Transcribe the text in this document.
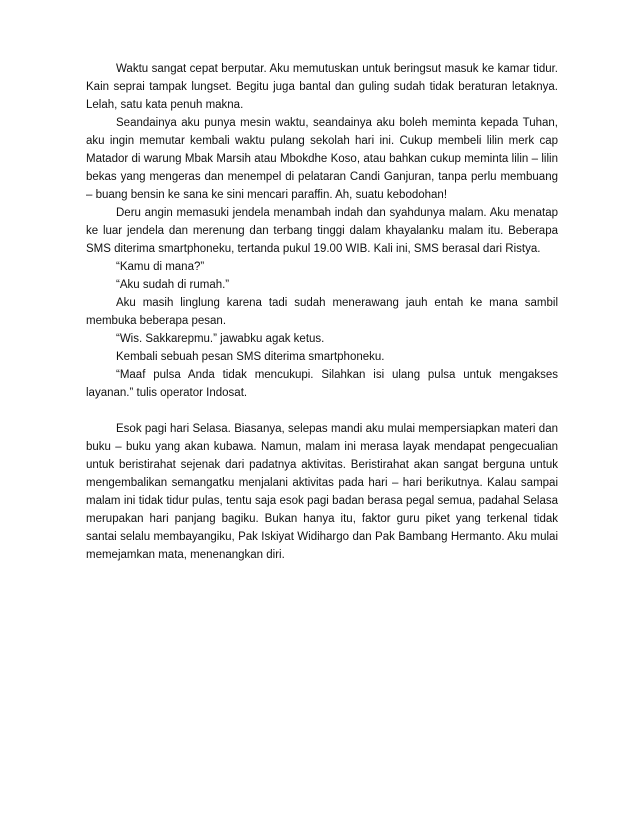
Waktu sangat cepat berputar. Aku memutuskan untuk beringsut masuk ke kamar tidur. Kain seprai tampak lungset. Begitu juga bantal dan guling sudah tidak beraturan letaknya. Lelah, satu kata penuh makna.

Seandainya aku punya mesin waktu, seandainya aku boleh meminta kepada Tuhan, aku ingin memutar kembali waktu pulang sekolah hari ini. Cukup membeli lilin merk cap Matador di warung Mbak Marsih atau Mbokdhe Koso, atau bahkan cukup meminta lilin – lilin bekas yang mengeras dan menempel di pelataran Candi Ganjuran, tanpa perlu membuang – buang bensin ke sana ke sini mencari paraffin. Ah, suatu kebodohan!

Deru angin memasuki jendela menambah indah dan syahdunya malam. Aku menatap ke luar jendela dan merenung dan terbang tinggi dalam khayalanku malam itu. Beberapa SMS diterima smartphoneku, tertanda pukul 19.00 WIB. Kali ini, SMS berasal dari Ristya.

“Kamu di mana?”

“Aku sudah di rumah.”

Aku masih linglung karena tadi sudah menerawang jauh entah ke mana sambil membuka beberapa pesan.

“Wis. Sakkarepmu.” jawabku agak ketus.

Kembali sebuah pesan SMS diterima smartphoneku.

“Maaf pulsa Anda tidak mencukupi. Silahkan isi ulang pulsa untuk mengakses layanan.” tulis operator Indosat.

Esok pagi hari Selasa. Biasanya, selepas mandi aku mulai mempersiapkan materi dan buku – buku yang akan kubawa. Namun, malam ini merasa layak mendapat pengecualian untuk beristirahat sejenak dari padatnya aktivitas. Beristirahat akan sangat berguna untuk mengembalikan semangatku menjalani aktivitas pada hari – hari berikutnya. Kalau sampai malam ini tidak tidur pulas, tentu saja esok pagi badan berasa pegal semua, padahal Selasa merupakan hari panjang bagiku. Bukan hanya itu, faktor guru piket yang terkenal tidak santai selalu membayangiku, Pak Iskiyat Widihargo dan Pak Bambang Hermanto. Aku mulai memejamkan mata, menenangkan diri.
